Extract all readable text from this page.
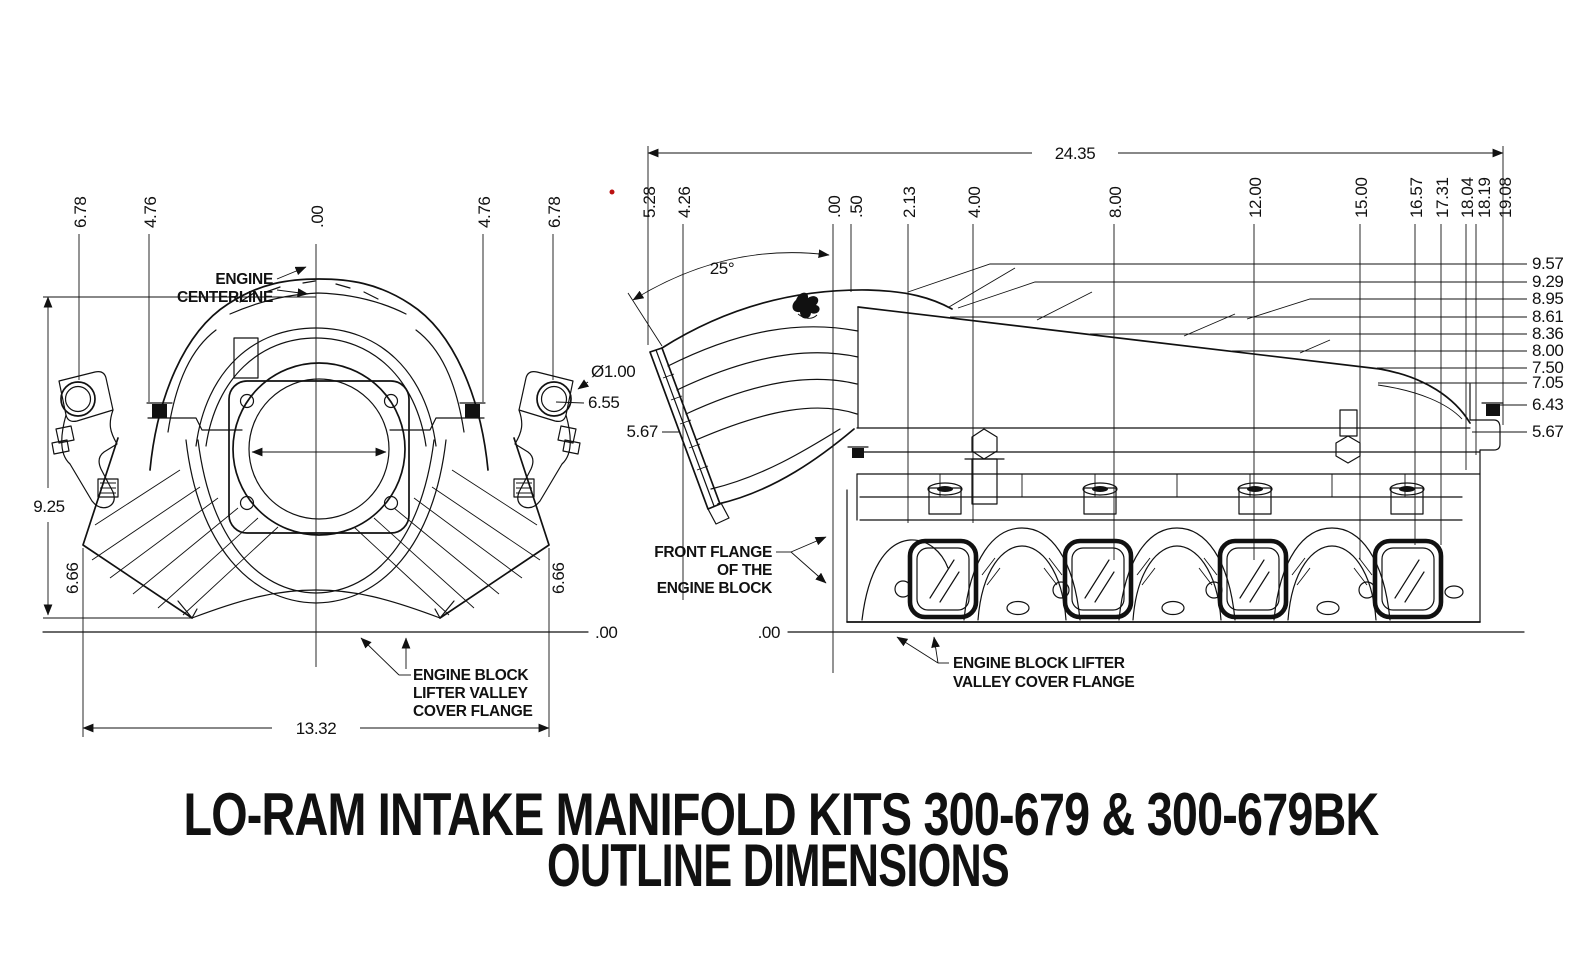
6.78	4.76	.00	4.76	6.78
ENGINE
CENTERLINE
9.25
6.66	6.66
.00
13.32
Ø1.00
6.55
ENGINE BLOCK
LIFTER VALLEY
COVER FLANGE
5.28 4.26	.00 .50 2.13	4.00	8.00	12.00	15.00 16.57 17.31 18.04
18.19 19.08
24.35
25°
5.67
9.57
9.29
8.95
8.61
8.36
8.00
7.50
7.05
6.43
5.67
.00
FRONT FLANGE
OF THE
ENGINE BLOCK
ENGINE BLOCK LIFTER
VALLEY COVER FLANGE
LO-RAM INTAKE MANIFOLD KITS 300-679 & 300-679BK
OUTLINE DIMENSIONS
